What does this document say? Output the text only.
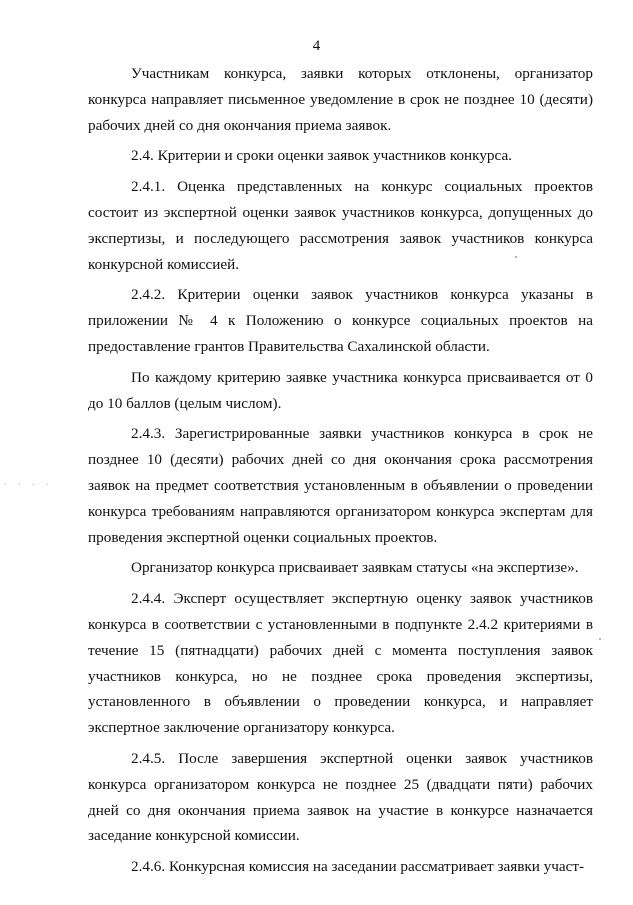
4
· · · ·

Участникам конкурса, заявки которых отклонены, организатор конкурса направляет письменное уведомление в срок не позднее 10 (десяти) рабочих дней со дня окончания приема заявок.

2.4. Критерии и сроки оценки заявок участников конкурса.

2.4.1. Оценка представленных на конкурс социальных проектов состоит из экспертной оценки заявок участников конкурса, допущенных до экспертизы, и последующего рассмотрения заявок участников конкурса конкурсной комиссией.

2.4.2. Критерии оценки заявок участников конкурса указаны в приложении № 4 к Положению о конкурсе социальных проектов на предоставление грантов Правительства Сахалинской области.

По каждому критерию заявке участника конкурса присваивается от 0 до 10 баллов (целым числом).

2.4.3. Зарегистрированные заявки участников конкурса в срок не позднее 10 (десяти) рабочих дней со дня окончания срока рассмотрения заявок на предмет соответствия установленным в объявлении о проведении конкурса требованиям направляются организатором конкурса экспертам для проведения экспертной оценки социальных проектов.

Организатор конкурса присваивает заявкам статусы «на экспертизе».

2.4.4. Эксперт осуществляет экспертную оценку заявок участников конкурса в соответствии с установленными в подпункте 2.4.2 критериями в течение 15 (пятнадцати) рабочих дней с момента поступления заявок участников конкурса, но не позднее срока проведения экспертизы, установленного в объявлении о проведении конкурса, и направляет экспертное заключение организатору конкурса.

2.4.5. После завершения экспертной оценки заявок участников конкурса организатором конкурса не позднее 25 (двадцати пяти) рабочих дней со дня окончания приема заявок на участие в конкурсе назначается заседание конкурсной комиссии.

2.4.6. Конкурсная комиссия на заседании рассматривает заявки участ-
